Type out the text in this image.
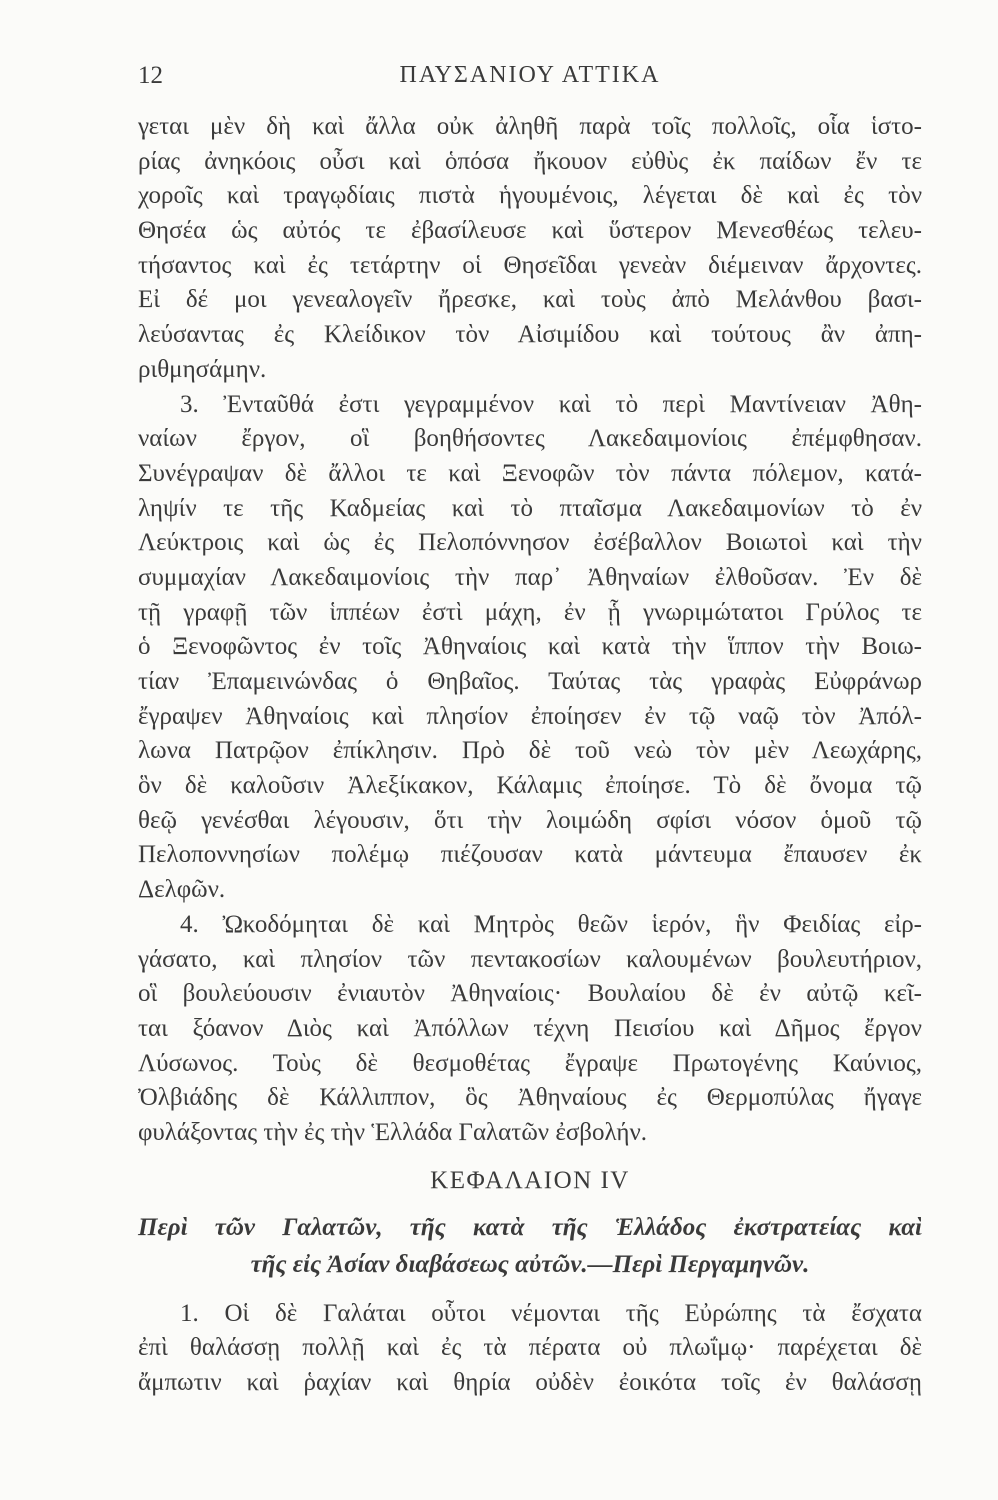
12	ΠΑΥΣΑΝΙΟΥ ΑΤΤΙΚΑ
γεται μὲν δὴ καὶ ἄλλα οὐκ ἀληθῆ παρὰ τοῖς πολλοῖς, οἷα ἱστο-
ρίας ἀνηκόοις οὖσι καὶ ὁπόσα ἤκουον εὐθὺς ἐκ παίδων ἔν τε
χοροῖς καὶ τραγῳδίαις πιστὰ ἡγουμένοις, λέγεται δὲ καὶ ἐς τὸν
Θησέα ὡς αὐτός τε ἐβασίλευσε καὶ ὕστερον Μενεσθέως τελευ-
τήσαντος καὶ ἐς τετάρτην οἱ Θησεῖδαι γενεὰν διέμειναν ἄρχοντες.
Εἰ δέ μοι γενεαλογεῖν ἤρεσκε, καὶ τοὺς ἀπὸ Μελάνθου βασι-
λεύσαντας ἐς Κλείδικον τὸν Αἰσιμίδου καὶ τούτους ἂν ἀπη-
ριθμησάμην.
3. Ἐνταῦθά ἐστι γεγραμμένον καὶ τὸ περὶ Μαντίνειαν Ἀθη-
ναίων ἔργον, οἳ βοηθήσοντες Λακεδαιμονίοις ἐπέμφθησαν.
Συνέγραψαν δὲ ἄλλοι τε καὶ Ξενοφῶν τὸν πάντα πόλεμον, κατά-
ληψίν τε τῆς Καδμείας καὶ τὸ πταῖσμα Λακεδαιμονίων τὸ ἐν
Λεύκτροις καὶ ὡς ἐς Πελοπόννησον ἐσέβαλλον Βοιωτοὶ καὶ τὴν
συμμαχίαν Λακεδαιμονίοις τὴν παρ᾽ Ἀθηναίων ἐλθοῦσαν. Ἐν δὲ
τῇ γραφῇ τῶν ἱππέων ἐστὶ μάχη, ἐν ᾗ γνωριμώτατοι Γρύλος τε
ὁ Ξενοφῶντος ἐν τοῖς Ἀθηναίοις καὶ κατὰ τὴν ἵππον τὴν Βοιω-
τίαν Ἐπαμεινώνδας ὁ Θηβαῖος. Ταύτας τὰς γραφὰς Εὐφράνωρ
ἔγραψεν Ἀθηναίοις καὶ πλησίον ἐποίησεν ἐν τῷ ναῷ τὸν Ἀπόλ-
λωνα Πατρῷον ἐπίκλησιν. Πρὸ δὲ τοῦ νεὼ τὸν μὲν Λεωχάρης,
ὃν δὲ καλοῦσιν Ἀλεξίκακον, Κάλαμις ἐποίησε. Τὸ δὲ ὄνομα τῷ
θεῷ γενέσθαι λέγουσιν, ὅτι τὴν λοιμώδη σφίσι νόσον ὁμοῦ τῷ
Πελοποννησίων πολέμῳ πιέζουσαν κατὰ μάντευμα ἔπαυσεν ἐκ
Δελφῶν.
4. Ὠκοδόμηται δὲ καὶ Μητρὸς θεῶν ἱερόν, ἣν Φειδίας εἰρ-
γάσατο, καὶ πλησίον τῶν πεντακοσίων καλουμένων βουλευτήριον,
οἳ βουλεύουσιν ἐνιαυτὸν Ἀθηναίοις· Βουλαίου δὲ ἐν αὐτῷ κεῖ-
ται ξόανον Διὸς καὶ Ἀπόλλων τέχνη Πεισίου καὶ Δῆμος ἔργον
Λύσωνος. Τοὺς δὲ θεσμοθέτας ἔγραψε Πρωτογένης Καύνιος,
Ὀλβιάδης δὲ Κάλλιππον, ὃς Ἀθηναίους ἐς Θερμοπύλας ἤγαγε
φυλάξοντας τὴν ἐς τὴν Ἑλλάδα Γαλατῶν ἐσβολήν.
ΚΕΦΑΛΑΙΟΝ IV
Περὶ τῶν Γαλατῶν, τῆς κατὰ τῆς Ἑλλάδος ἐκστρατείας καὶ
τῆς εἰς Ἀσίαν διαβάσεως αὐτῶν.—Περὶ Περγαμηνῶν.
1. Οἱ δὲ Γαλάται οὗτοι νέμονται τῆς Εὐρώπης τὰ ἔσχατα
ἐπὶ θαλάσσῃ πολλῇ καὶ ἐς τὰ πέρατα οὐ πλωΐμῳ· παρέχεται δὲ
ἄμπωτιν καὶ ῥαχίαν καὶ θηρία οὐδὲν ἐοικότα τοῖς ἐν θαλάσσῃ
